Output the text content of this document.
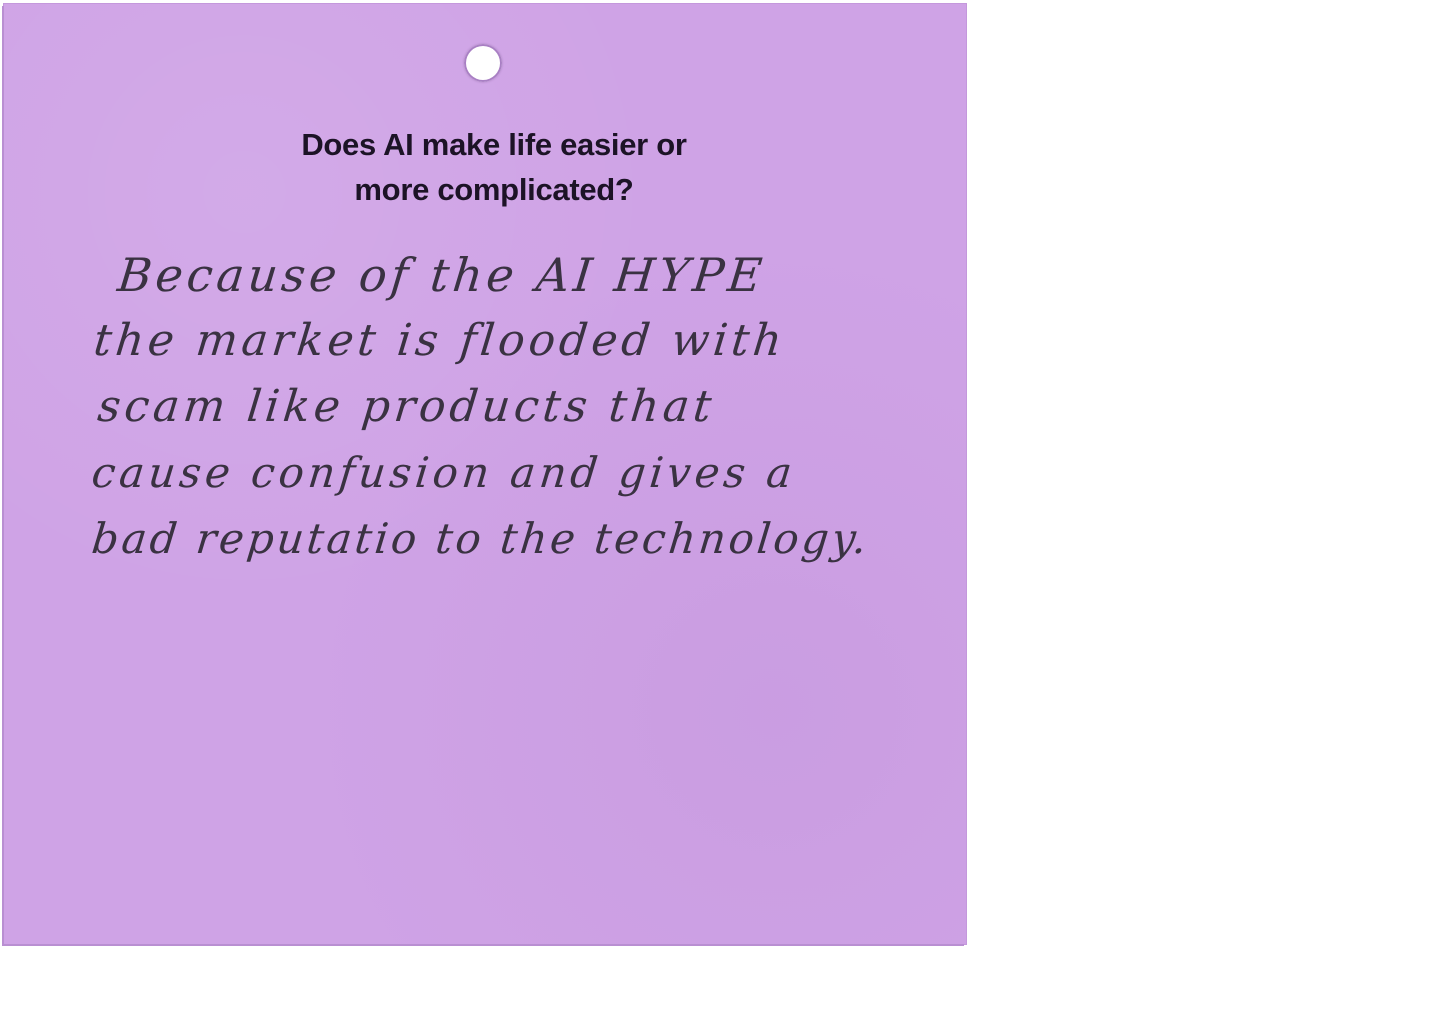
Does AI make life easier or
more complicated?
Because of the AI HYPE
the market is flooded with
scam like products that
cause confusion and gives a
bad reputatio to the technology.
